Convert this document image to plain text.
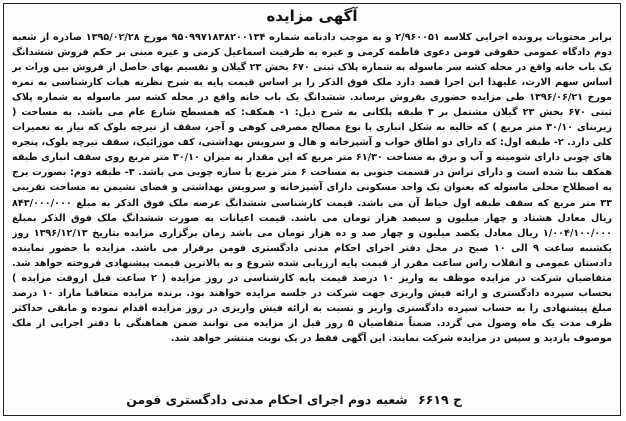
آگهی مزایده
برابر محتویات پرونده اجرایی کلاسه ۲/۹۶۰۰۵۱ و به موجب دادنامه شماره ۹۵۰۹۹۷۱۸۳۸۲۰۰۱۳۴ مورخ ۱۳۹۵/۰۲/۲۸ صادره از شعبه دوم دادگاه عمومی حقوقی فومن دعوی فاطمه کرمی و غیره به طرفیت اسماعیل کرمی و غیره مبنی بر حکم فروش ششدانگ یک باب خانه واقع در محله کشه سر ماسوله به شماره پلاک ثبتی ۶۷۰ بخش ۲۳ گیلان و تقسیم بهای حاصل از فروش بین وراث بر اساس سهم الارث، علیهذا این اجرا قصد دارد ملک فوق الذکر را بر اساس قیمت پایه به شرح نظریه هیات کارشناسی به نمره مورخ ۱۳۹۶/۰۶/۲۱ طی مزایده حضوری بفروش برساند. ششدانگ یک باب خانه واقع در محله کشه سر ماسوله به شماره پلاک ثبتی ۶۷۰ بخش ۲۳ گیلان مشتمل بر ۳ طبقه پلکانی به شرح ذیل: ۱- همکف: که همسطح شارع عام می باشد. به مساحت ( زیربنای ۳۰/۱۰ متر مربع ) که حالیه به شکل انباری با نوع مصالح مصرفی کوهی و آجر، سقف از تیرچه بلوک که نیاز به تعمیرات کلی دارد. ۲- طبقه اول: که دارای دو اطاق خواب و آشپزخانه و هال و سرویس بهداشتی، کف موزائیک، سقف تیرچه بلوک، پنجره های چوبی دارای شومینه و آب و برق به مساحت ۶۱/۳۰ متر مربع که این مقدار به میزان ۳۰/۱۰ متر مربع روی سقف انباری طبقه همکف بنا شده است و دارای تراس در قسمت جنوبی به مساحت ۶ متر مربع با سازه چوبی می باشد. ۳- طبقه دوم: بصورت برج به اصطلاح محلی ماسوله که بعنوان یک واحد مسکونی دارای آشپزخانه و سرویس بهداشتی و فضای نشیمن به مساحت تقریبی ۳۳ متر مربع که سقف طبقه اول حیاط آن می باشد. قیمت کارشناسی ششدانگ عرصه ملک فوق الذکر به مبلغ ۸۴۳/۰۰۰/۰۰۰ ریال معادل هشتاد و چهار میلیون و سیصد هزار تومان می باشد. قیمت اعیانات به صورت ششدانگ ملک فوق الذکر بمبلغ ۱/۰۰۴/۱۰۰/۰۰۰ ریال معادل یکصد میلیون و چهار صد و ده هزار تومان می باشد زمان برگزاری مزایده بتاریخ ۱۳۹۶/۱۲/۱۳ روز یکشنبه ساعت ۹ الی ۱۰ صبح در محل دفتر اجرای احکام مدنی دادگستری فومن برقرار می باشد. مزایده با حضور نماینده دادستان عمومی و انقلاب راس ساعت مقرر از قیمت پایه ارزیابی شده شروع و به بالاترین قیمت پیشنهادی فروخته خواهد شد. متقاضیان شرکت در مزایده موظف به واریز ۱۰ درصد قیمت پایه کارشناسی در روز مزایده ( ۲ ساعت قبل ازوقت مزایده ) بحساب سپرده دادگستری و ارائه فیش واریزی جهت شرکت در جلسه مزایده خواهند بود. برنده مزایده متعاقبا مازاد ۱۰ درصد مبلغ پیشنهادی را به حساب سپرده دادگستری واریز و نسبت به ارائه فیش واریزی در روز مزایده اقدام نموده و مابقی حداکثر ظرف مدت یک ماه وصول می گردد. ضمناً متقاضیان ۵ روز قبل از مزایده می توانند ضمن هماهنگی با دفتر اجرایی از ملک موصوف بازدید و سپس در مزایده شرکت نمایند. این آگهی فقط در یک نوبت منتشر خواهد شد.
ح ۶۶۱۹ شعبه دوم اجرای احکام مدنی دادگستری فومن
